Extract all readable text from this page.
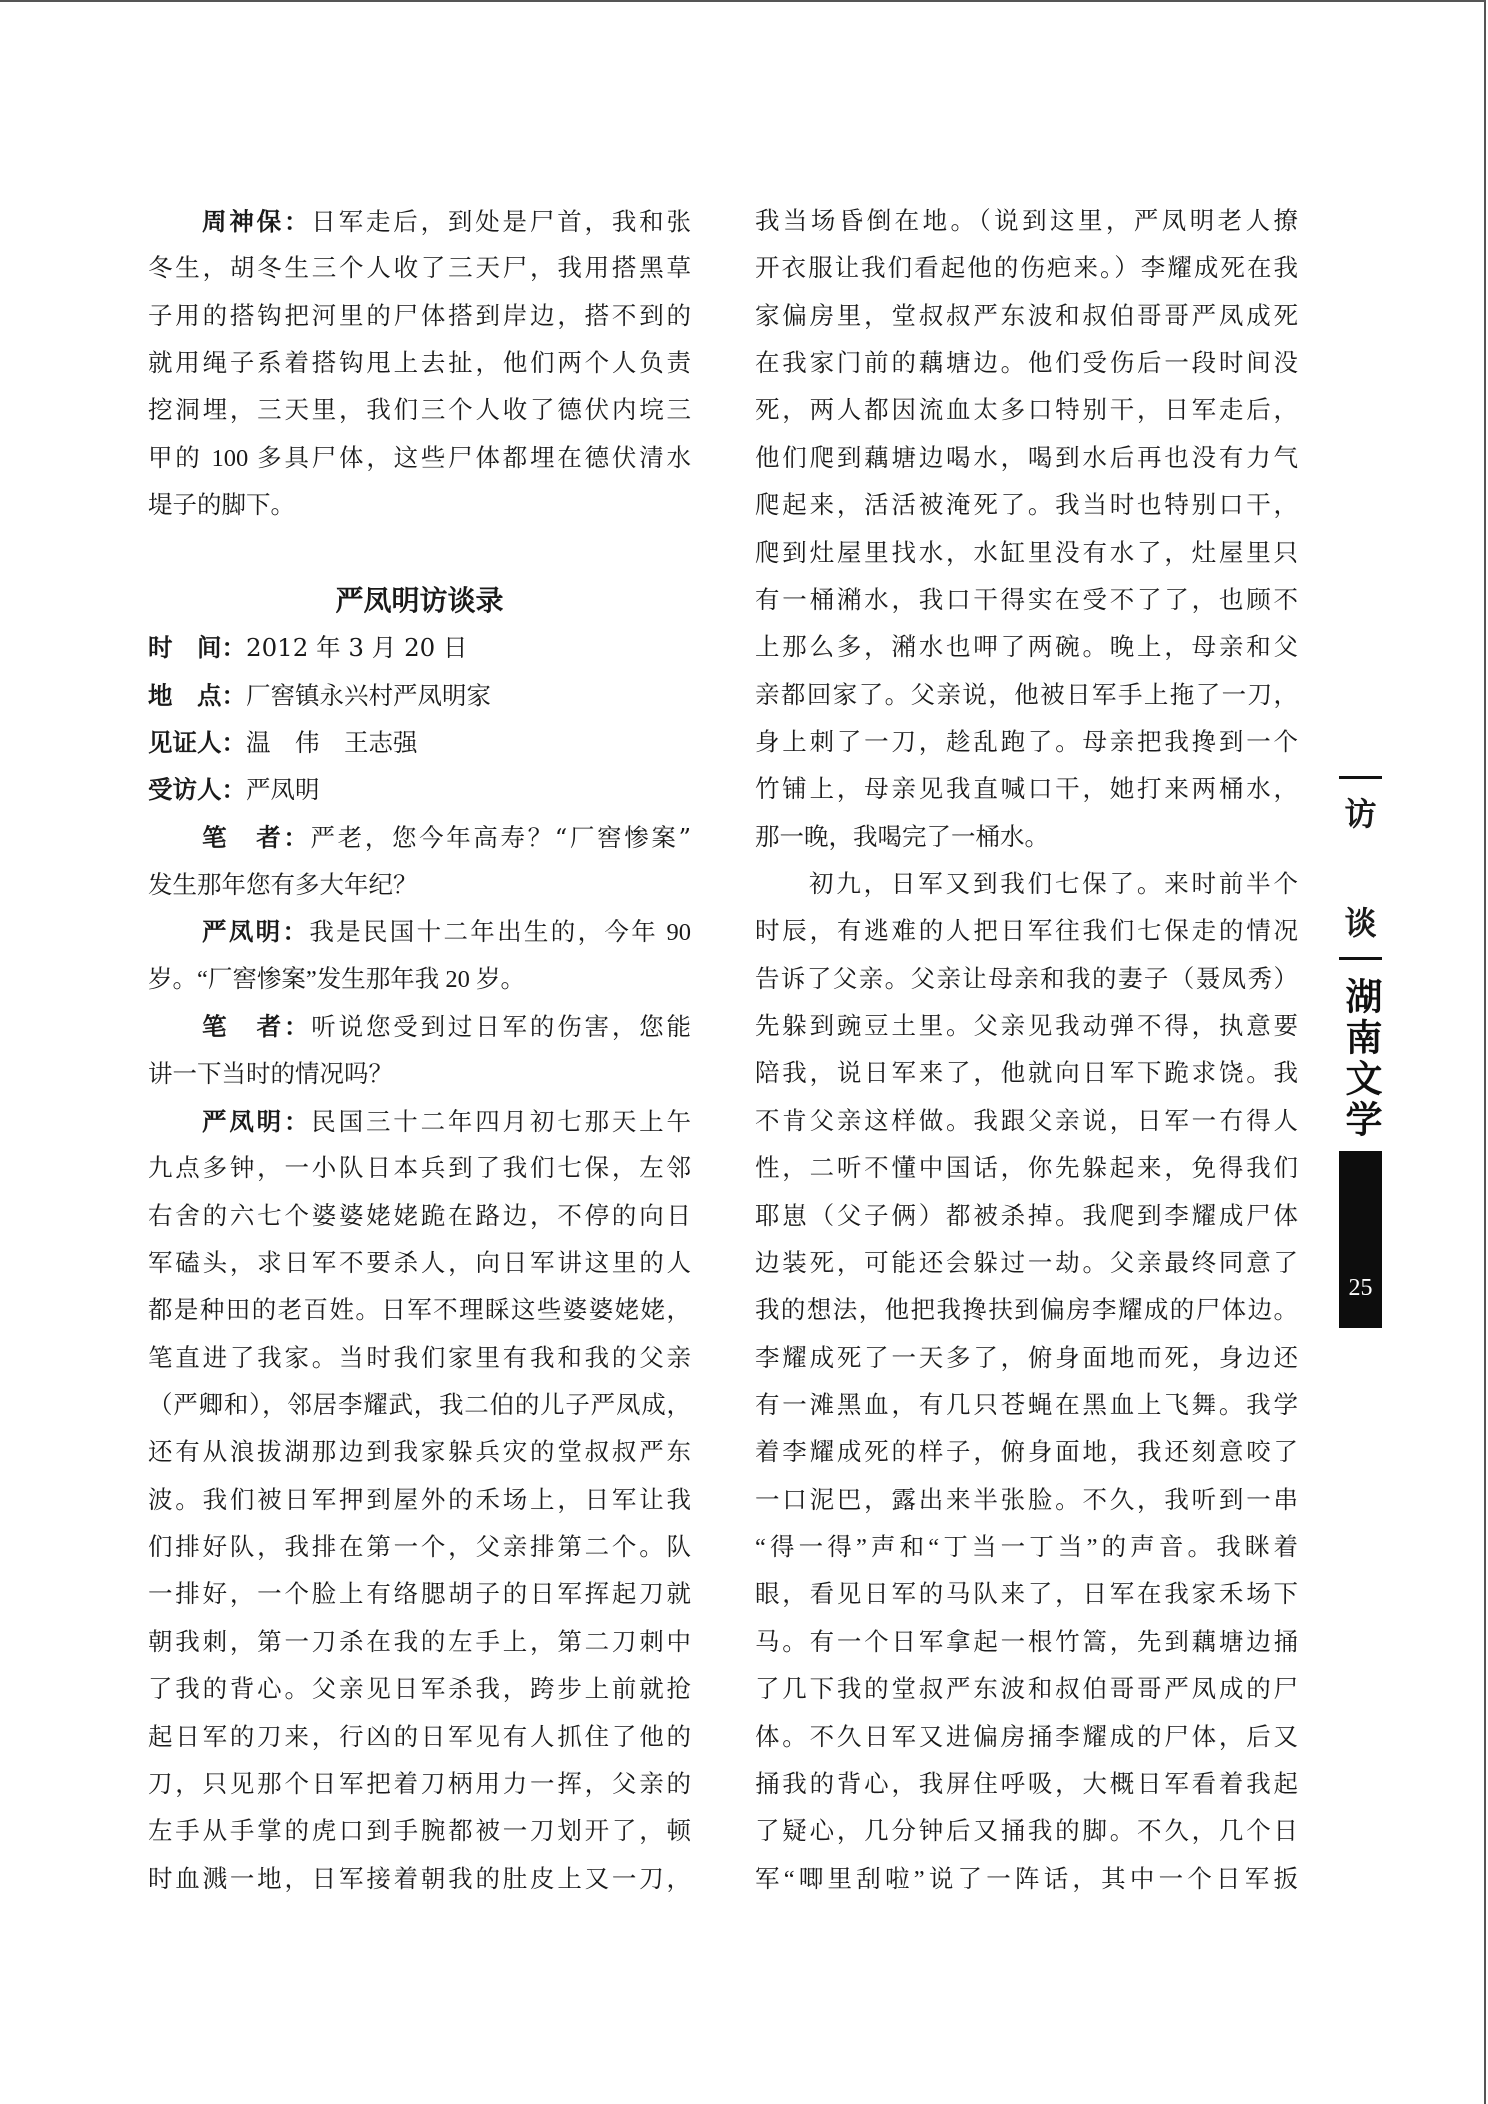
周神保：日军走后，到处是尸首，我和张
冬生，胡冬生三个人收了三天尸，我用搭黑草
子用的搭钩把河里的尸体搭到岸边，搭不到的
就用绳子系着搭钩甩上去扯，他们两个人负责
挖洞埋，三天里，我们三个人收了德伏内垸三
甲的 100 多具尸体，这些尸体都埋在德伏清水
堤子的脚下。
严凤明访谈录
时　间：2012 年 3 月 20 日
地　点：厂窖镇永兴村严凤明家
见证人：温　伟　王志强
受访人：严凤明
笔　者：严老，您今年高寿？“厂窖惨案”
发生那年您有多大年纪？
严凤明：我是民国十二年出生的，今年 90
岁。“厂窖惨案”发生那年我 20 岁。
笔　者：听说您受到过日军的伤害，您能
讲一下当时的情况吗？
严凤明：民国三十二年四月初七那天上午
九点多钟，一小队日本兵到了我们七保，左邻
右舍的六七个婆婆姥姥跪在路边，不停的向日
军磕头，求日军不要杀人，向日军讲这里的人
都是种田的老百姓。日军不理睬这些婆婆姥姥，
笔直进了我家。当时我们家里有我和我的父亲
（严卿和），邻居李耀武，我二伯的儿子严凤成，
还有从浪拔湖那边到我家躲兵灾的堂叔叔严东
波。我们被日军押到屋外的禾场上，日军让我
们排好队，我排在第一个，父亲排第二个。队
一排好，一个脸上有络腮胡子的日军挥起刀就
朝我刺，第一刀杀在我的左手上，第二刀刺中
了我的背心。父亲见日军杀我，跨步上前就抢
起日军的刀来，行凶的日军见有人抓住了他的
刀，只见那个日军把着刀柄用力一挥，父亲的
左手从手掌的虎口到手腕都被一刀划开了，顿
时血溅一地，日军接着朝我的肚皮上又一刀，
我当场昏倒在地。（说到这里，严凤明老人撩
开衣服让我们看起他的伤疤来。）李耀成死在我
家偏房里，堂叔叔严东波和叔伯哥哥严凤成死
在我家门前的藕塘边。他们受伤后一段时间没
死，两人都因流血太多口特别干，日军走后，
他们爬到藕塘边喝水，喝到水后再也没有力气
爬起来，活活被淹死了。我当时也特别口干，
爬到灶屋里找水，水缸里没有水了，灶屋里只
有一桶潲水，我口干得实在受不了了，也顾不
上那么多，潲水也呷了两碗。晚上，母亲和父
亲都回家了。父亲说，他被日军手上拖了一刀，
身上刺了一刀，趁乱跑了。母亲把我搀到一个
竹铺上，母亲见我直喊口干，她打来两桶水，
那一晚，我喝完了一桶水。
初九，日军又到我们七保了。来时前半个
时辰，有逃难的人把日军往我们七保走的情况
告诉了父亲。父亲让母亲和我的妻子（聂凤秀）
先躲到豌豆土里。父亲见我动弹不得，执意要
陪我，说日军来了，他就向日军下跪求饶。我
不肯父亲这样做。我跟父亲说，日军一冇得人
性，二听不懂中国话，你先躲起来，免得我们
耶崽（父子俩）都被杀掉。我爬到李耀成尸体
边装死，可能还会躲过一劫。父亲最终同意了
我的想法，他把我搀扶到偏房李耀成的尸体边。
李耀成死了一天多了，俯身面地而死，身边还
有一滩黑血，有几只苍蝇在黑血上飞舞。我学
着李耀成死的样子，俯身面地，我还刻意咬了
一口泥巴，露出来半张脸。不久，我听到一串
“得一得”声和“丁当一丁当”的声音。我眯着
眼，看见日军的马队来了，日军在我家禾场下
马。有一个日军拿起一根竹篙，先到藕塘边捅
了几下我的堂叔严东波和叔伯哥哥严凤成的尸
体。不久日军又进偏房捅李耀成的尸体，后又
捅我的背心，我屏住呼吸，大概日军看着我起
了疑心，几分钟后又捅我的脚。不久，几个日
军“唧里刮啦”说了一阵话，其中一个日军扳
访
谈
湖南文学
25
